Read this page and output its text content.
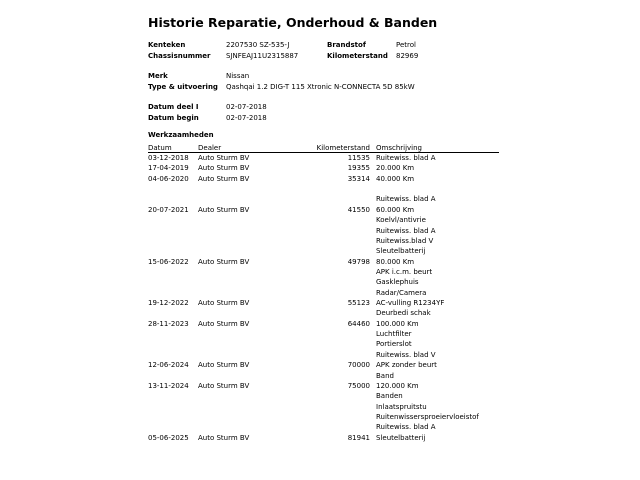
Historie Reparatie, Onderhoud & Banden
Kenteken	2207530 SZ-535-J	Brandstof	Petrol
Chassisnummer SJNFEAJ11U2315887	Kilometerstand 82969
Merk	Nissan
Type & uitvoering Qashqai 1.2 DIG-T 115 Xtronic N-CONNECTA 5D 85kW
Datum deel I	02-07-2018
Datum begin	02-07-2018
Werkzaamheden
Datum	Dealer	Kilometerstand Omschrijving
03-12-2018 Auto Sturm BV	11535 Ruitewiss. blad A
17-04-2019 Auto Sturm BV	19355 20.000 Km
04-06-2020 Auto Sturm BV	35314 40.000 Km
Ruitewiss. blad A
20-07-2021 Auto Sturm BV	41550 60.000 Km
Koelvl/antivrie
Ruitewiss. blad A
Ruitewiss.blad V
Sleutelbatterij
15-06-2022 Auto Sturm BV	49798 80.000 Km
APK i.c.m. beurt
Gasklephuis
Radar/Camera
19-12-2022 Auto Sturm BV	55123 AC-vulling R1234YF
Deurbedi schak
28-11-2023 Auto Sturm BV	64460 100.000 Km
Luchtfilter
Portierslot
Ruitewiss. blad V
12-06-2024 Auto Sturm BV	70000 APK zonder beurt
Band
13-11-2024 Auto Sturm BV	75000 120.000 Km
Banden
Inlaatspruitstu
Ruitenwissersproeiervloeistof
Ruitewiss. blad A
05-06-2025 Auto Sturm BV	81941 Sleutelbatterij
